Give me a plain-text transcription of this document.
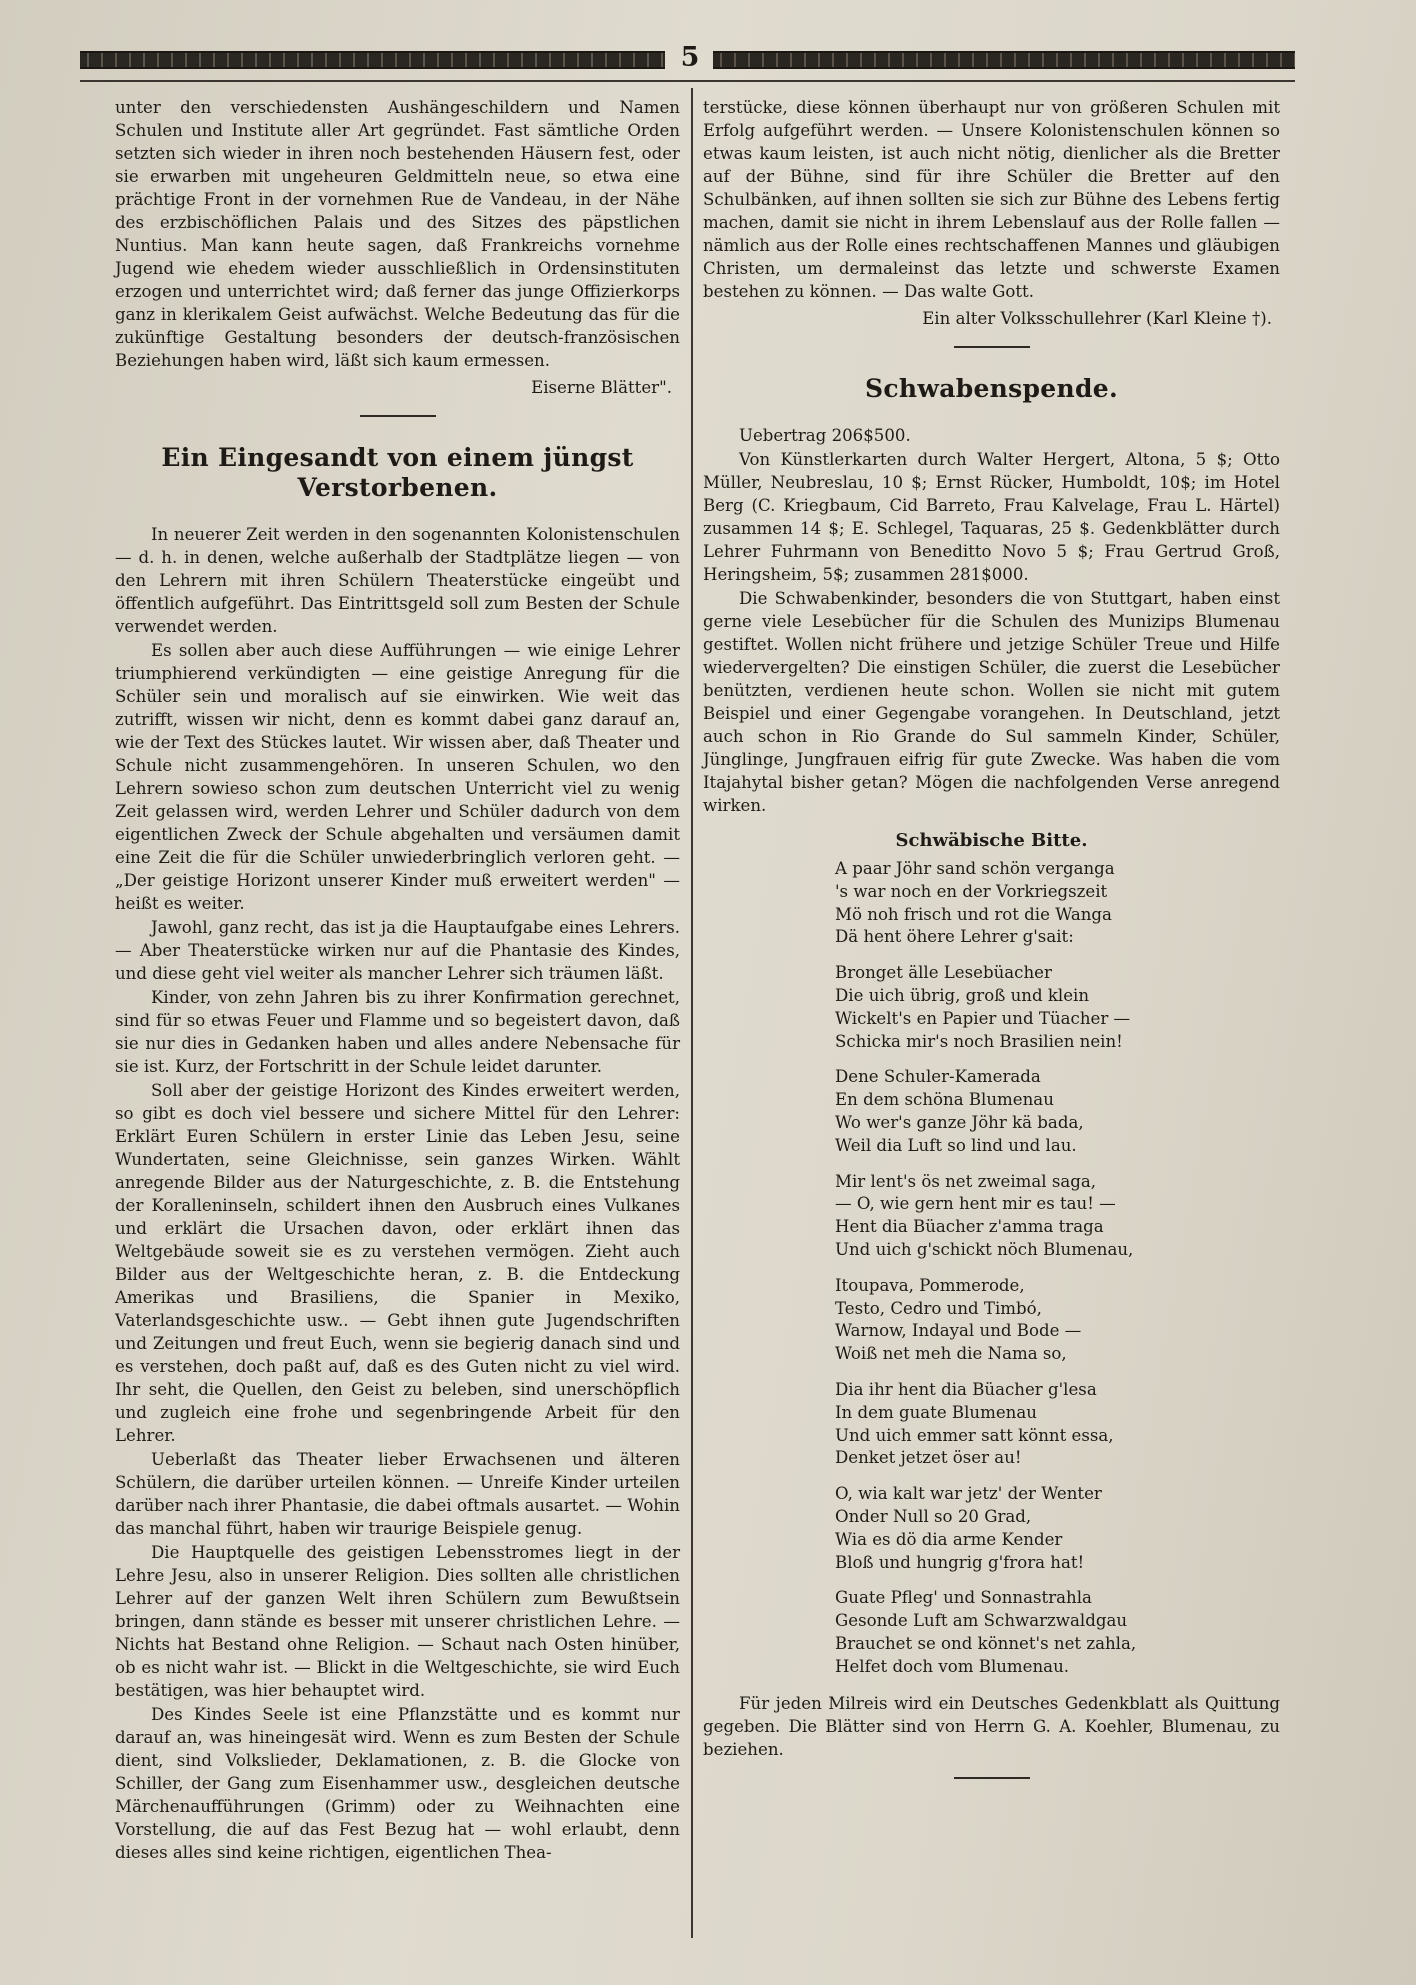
5

unter den verschiedensten Aushängeschildern und Namen Schulen und Institute aller Art gegründet. Fast sämtliche Orden setzten sich wieder in ihren noch bestehenden Häusern fest, oder sie erwarben mit ungeheuren Geldmitteln neue, so etwa eine prächtige Front in der vornehmen Rue de Vandeau, in der Nähe des erzbischöflichen Palais und des Sitzes des päpstlichen Nuntius. Man kann heute sagen, daß Frankreichs vornehme Jugend wie ehedem wieder ausschließlich in Ordensinstituten erzogen und unterrichtet wird; daß ferner das junge Offizierkorps ganz in klerikalem Geist aufwächst. Welche Bedeutung das für die zukünftige Gestaltung besonders der deutsch-französischen Beziehungen haben wird, läßt sich kaum ermessen.

Eiserne Blätter".

Ein Eingesandt von einem jüngst Verstorbenen.

In neuerer Zeit werden in den sogenannten Kolonistenschulen — d. h. in denen, welche außerhalb der Stadtplätze liegen — von den Lehrern mit ihren Schülern Theaterstücke eingeübt und öffentlich aufgeführt. Das Eintrittsgeld soll zum Besten der Schule verwendet werden.

Es sollen aber auch diese Aufführungen — wie einige Lehrer triumphierend verkündigten — eine geistige Anregung für die Schüler sein und moralisch auf sie einwirken. Wie weit das zutrifft, wissen wir nicht, denn es kommt dabei ganz darauf an, wie der Text des Stückes lautet. Wir wissen aber, daß Theater und Schule nicht zusammengehören. In unseren Schulen, wo den Lehrern sowieso schon zum deutschen Unterricht viel zu wenig Zeit gelassen wird, werden Lehrer und Schüler dadurch von dem eigentlichen Zweck der Schule abgehalten und versäumen damit eine Zeit die für die Schüler unwiederbringlich verloren geht. — „Der geistige Horizont unserer Kinder muß erweitert werden" — heißt es weiter.

Jawohl, ganz recht, das ist ja die Hauptaufgabe eines Lehrers. — Aber Theaterstücke wirken nur auf die Phantasie des Kindes, und diese geht viel weiter als mancher Lehrer sich träumen läßt.

Kinder, von zehn Jahren bis zu ihrer Konfirmation gerechnet, sind für so etwas Feuer und Flamme und so begeistert davon, daß sie nur dies in Gedanken haben und alles andere Nebensache für sie ist. Kurz, der Fortschritt in der Schule leidet darunter.

Soll aber der geistige Horizont des Kindes erweitert werden, so gibt es doch viel bessere und sichere Mittel für den Lehrer: Erklärt Euren Schülern in erster Linie das Leben Jesu, seine Wundertaten, seine Gleichnisse, sein ganzes Wirken. Wählt anregende Bilder aus der Naturgeschichte, z. B. die Entstehung der Koralleninseln, schildert ihnen den Ausbruch eines Vulkanes und erklärt die Ursachen davon, oder erklärt ihnen das Weltgebäude soweit sie es zu verstehen vermögen. Zieht auch Bilder aus der Weltgeschichte heran, z. B. die Entdeckung Amerikas und Brasiliens, die Spanier in Mexiko, Vaterlandsgeschichte usw.. — Gebt ihnen gute Jugendschriften und Zeitungen und freut Euch, wenn sie begierig danach sind und es verstehen, doch paßt auf, daß es des Guten nicht zu viel wird. Ihr seht, die Quellen, den Geist zu beleben, sind unerschöpflich und zugleich eine frohe und segenbringende Arbeit für den Lehrer.

Ueberlaßt das Theater lieber Erwachsenen und älteren Schülern, die darüber urteilen können. — Unreife Kinder urteilen darüber nach ihrer Phantasie, die dabei oftmals ausartet. — Wohin das manchal führt, haben wir traurige Beispiele genug.

Die Hauptquelle des geistigen Lebensstromes liegt in der Lehre Jesu, also in unserer Religion. Dies sollten alle christlichen Lehrer auf der ganzen Welt ihren Schülern zum Bewußtsein bringen, dann stände es besser mit unserer christlichen Lehre. — Nichts hat Bestand ohne Religion. — Schaut nach Osten hinüber, ob es nicht wahr ist. — Blickt in die Weltgeschichte, sie wird Euch bestätigen, was hier behauptet wird.

Des Kindes Seele ist eine Pflanzstätte und es kommt nur darauf an, was hineingesät wird. Wenn es zum Besten der Schule dient, sind Volkslieder, Deklamationen, z. B. die Glocke von Schiller, der Gang zum Eisenhammer usw., desgleichen deutsche Märchenaufführungen (Grimm) oder zu Weihnachten eine Vorstellung, die auf das Fest Bezug hat — wohl erlaubt, denn dieses alles sind keine richtigen, eigentlichen Thea-

terstücke, diese können überhaupt nur von größeren Schulen mit Erfolg aufgeführt werden. — Unsere Kolonistenschulen können so etwas kaum leisten, ist auch nicht nötig, dienlicher als die Bretter auf der Bühne, sind für ihre Schüler die Bretter auf den Schulbänken, auf ihnen sollten sie sich zur Bühne des Lebens fertig machen, damit sie nicht in ihrem Lebenslauf aus der Rolle fallen — nämlich aus der Rolle eines rechtschaffenen Mannes und gläubigen Christen, um dermaleinst das letzte und schwerste Examen bestehen zu können. — Das walte Gott.

Ein alter Volksschullehrer (Karl Kleine †).

Schwabenspende.

Uebertrag 206$500.

Von Künstlerkarten durch Walter Hergert, Altona, 5 $; Otto Müller, Neubreslau, 10 $; Ernst Rücker, Humboldt, 10$; im Hotel Berg (C. Kriegbaum, Cid Barreto, Frau Kalvelage, Frau L. Härtel) zusammen 14 $; E. Schlegel, Taquaras, 25 $. Gedenkblätter durch Lehrer Fuhrmann von Beneditto Novo 5 $; Frau Gertrud Groß, Heringsheim, 5$; zusammen 281$000.

Die Schwabenkinder, besonders die von Stuttgart, haben einst gerne viele Lesebücher für die Schulen des Munizips Blumenau gestiftet. Wollen nicht frühere und jetzige Schüler Treue und Hilfe wiedervergelten? Die einstigen Schüler, die zuerst die Lesebücher benützten, verdienen heute schon. Wollen sie nicht mit gutem Beispiel und einer Gegengabe vorangehen. In Deutschland, jetzt auch schon in Rio Grande do Sul sammeln Kinder, Schüler, Jünglinge, Jungfrauen eifrig für gute Zwecke. Was haben die vom Itajahytal bisher getan? Mögen die nachfolgenden Verse anregend wirken.

Schwäbische Bitte.
A paar Jöhr sand schön verganga
's war noch en der Vorkriegszeit
Mö noh frisch und rot die Wanga
Dä hent öhere Lehrer g'sait:
Bronget älle Lesebüacher
Die uich übrig, groß und klein
Wickelt's en Papier und Tüacher —
Schicka mir's noch Brasilien nein!
Dene Schuler-Kamerada
En dem schöna Blumenau
Wo wer's ganze Jöhr kä bada,
Weil dia Luft so lind und lau.
Mir lent's ös net zweimal saga,
— O, wie gern hent mir es tau! —
Hent dia Büacher z'amma traga
Und uich g'schickt nöch Blumenau,
Itoupava, Pommerode,
Testo, Cedro und Timbó,
Warnow, Indayal und Bode —
Woiß net meh die Nama so,
Dia ihr hent dia Büacher g'lesa
In dem guate Blumenau
Und uich emmer satt könnt essa,
Denket jetzet öser au!
O, wia kalt war jetz' der Wenter
Onder Null so 20 Grad,
Wia es dö dia arme Kender
Bloß und hungrig g'frora hat!
Guate Pfleg' und Sonnastrahla
Gesonde Luft am Schwarzwaldgau
Brauchet se ond könnet's net zahla,
Helfet doch vom Blumenau.

Für jeden Milreis wird ein Deutsches Gedenkblatt als Quittung gegeben. Die Blätter sind von Herrn G. A. Koehler, Blumenau, zu beziehen.
